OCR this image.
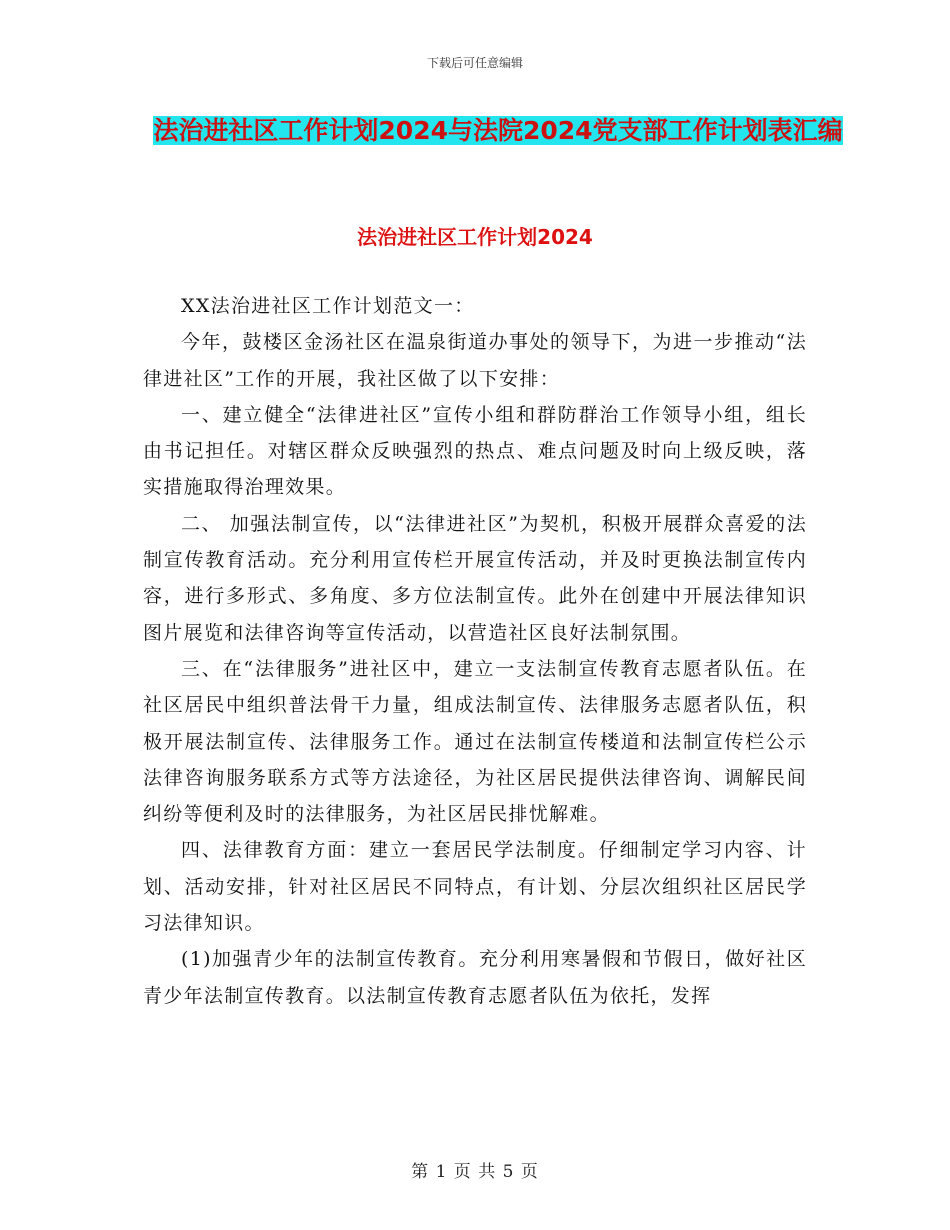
下载后可任意编辑
法治进社区工作计划2024与法院2024党支部工作计划表汇编
法治进社区工作计划2024

XX法治进社区工作计划范文一：

今年，鼓楼区金汤社区在温泉街道办事处的领导下，为进一步推动“法律进社区”工作的开展，我社区做了以下安排：

一、建立健全“法律进社区”宣传小组和群防群治工作领导小组，组长由书记担任。对辖区群众反映强烈的热点、难点问题及时向上级反映，落实措施取得治理效果。

二、 加强法制宣传，以“法律进社区”为契机，积极开展群众喜爱的法制宣传教育活动。充分利用宣传栏开展宣传活动，并及时更换法制宣传内容，进行多形式、多角度、多方位法制宣传。此外在创建中开展法律知识图片展览和法律咨询等宣传活动，以营造社区良好法制氛围。

三、在“法律服务”进社区中，建立一支法制宣传教育志愿者队伍。在社区居民中组织普法骨干力量，组成法制宣传、法律服务志愿者队伍，积极开展法制宣传、法律服务工作。通过在法制宣传楼道和法制宣传栏公示法律咨询服务联系方式等方法途径，为社区居民提供法律咨询、调解民间纠纷等便利及时的法律服务，为社区居民排忧解难。

四、法律教育方面：建立一套居民学法制度。仔细制定学习内容、计划、活动安排，针对社区居民不同特点，有计划、分层次组织社区居民学习法律知识。

(1)加强青少年的法制宣传教育。充分利用寒暑假和节假日，做好社区青少年法制宣传教育。以法制宣传教育志愿者队伍为依托，发挥

第 1 页 共 5 页
